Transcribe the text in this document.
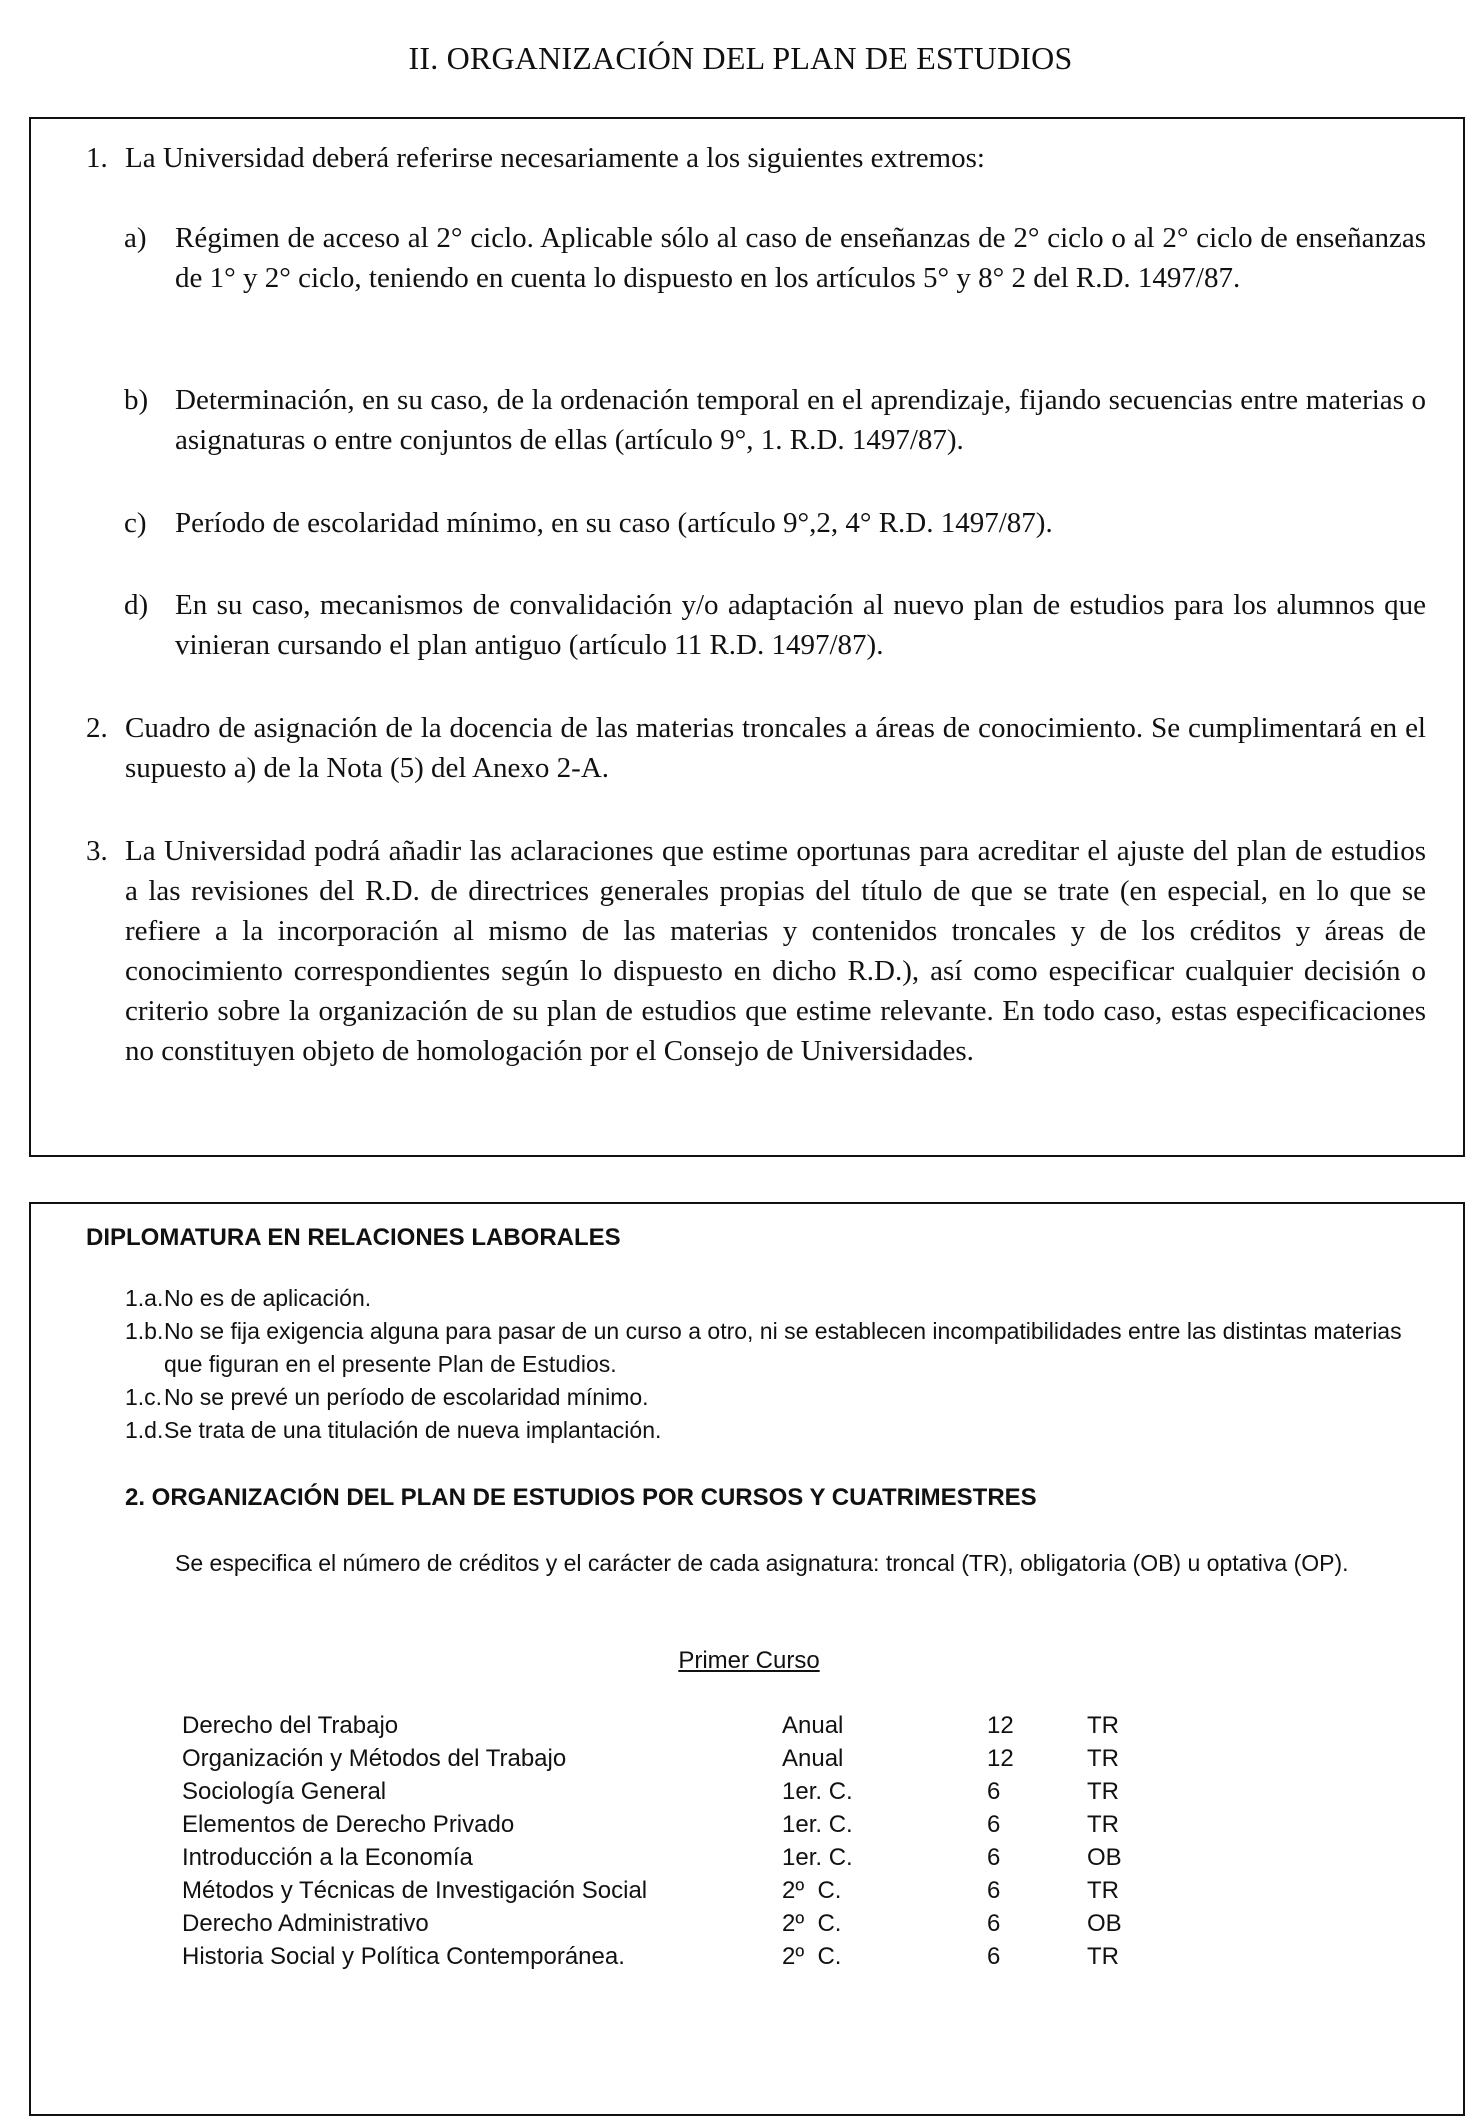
II. ORGANIZACIÓN DEL PLAN DE ESTUDIOS
1. La Universidad deberá referirse necesariamente a los siguientes extremos:
a) Régimen de acceso al 2° ciclo. Aplicable sólo al caso de enseñanzas de 2° ciclo o al 2° ciclo de enseñanzas de 1° y 2° ciclo, teniendo en cuenta lo dispuesto en los artículos 5° y 8° 2 del R.D. 1497/87.
b) Determinación, en su caso, de la ordenación temporal en el aprendizaje, fijando secuencias entre materias o asignaturas o entre conjuntos de ellas (artículo 9°, 1. R.D. 1497/87).
c) Período de escolaridad mínimo, en su caso (artículo 9°,2, 4° R.D. 1497/87).
d) En su caso, mecanismos de convalidación y/o adaptación al nuevo plan de estudios para los alumnos que vinieran cursando el plan antiguo (artículo 11 R.D. 1497/87).
2. Cuadro de asignación de la docencia de las materias troncales a áreas de conocimiento. Se cumplimentará en el supuesto a) de la Nota (5) del Anexo 2-A.
3. La Universidad podrá añadir las aclaraciones que estime oportunas para acreditar el ajuste del plan de estudios a las revisiones del R.D. de directrices generales propias del título de que se trate (en especial, en lo que se refiere a la incorporación al mismo de las materias y contenidos troncales y de los créditos y áreas de conocimiento correspondientes según lo dispuesto en dicho R.D.), así como especificar cualquier decisión o criterio sobre la organización de su plan de estudios que estime relevante. En todo caso, estas especificaciones no constituyen objeto de homologación por el Consejo de Universidades.
DIPLOMATURA EN RELACIONES LABORALES
1.a. No es de aplicación.
1.b. No se fija exigencia alguna para pasar de un curso a otro, ni se establecen incompatibilidades entre las distintas materias que figuran en el presente Plan de Estudios.
1.c. No se prevé un período de escolaridad mínimo.
1.d. Se trata de una titulación de nueva implantación.
2. ORGANIZACIÓN DEL PLAN DE ESTUDIOS POR CURSOS Y CUATRIMESTRES
Se especifica el número de créditos y el carácter de cada asignatura: troncal (TR), obligatoria (OB) u optativa (OP).
Primer Curso
Derecho del Trabajo	Anual	12	TR
Organización y Métodos del Trabajo	Anual	12	TR
Sociología General	1er. C.	6	TR
Elementos de Derecho Privado	1er. C.	6	TR
Introducción a la Economía	1er. C.	6	OB
Métodos y Técnicas de Investigación Social	2º  C.	6	TR
Derecho Administrativo	2º  C.	6	OB
Historia Social y Política Contemporánea.	2º  C.	6	TR
